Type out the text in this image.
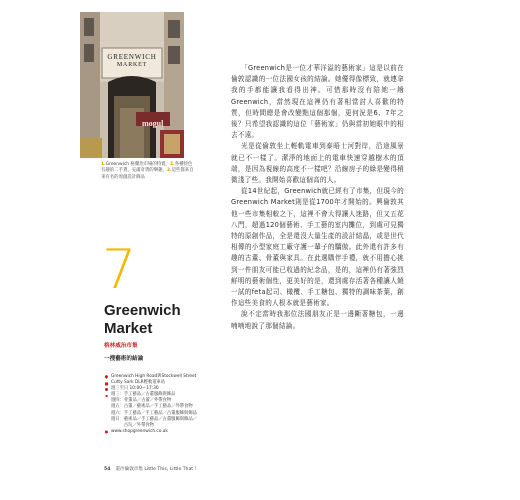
GREENWICH
MARKET
mogul
1.Greenwich 格蘭治市場的特賣，2.各種特色有趣的二手貨，充滿奇貨的樂趣，3.這些都來自來有名的原創設計飾品
7
Greenwich
Market
格林威治市集
一搜藝術的結論
Greenwich High Road與Stockwell Street
■ Cutty Sark DLR輕軌電車站
週三至日 10:00—17:30
▪ 週三：手工藝品／古董服飾與飾品
週四：骨董品／古董／外帶食物
週五：古董／藝術品／手工藝品／外帶食物
週六：手工藝品／手工藝品／古董服飾與飾品
週日：藝術品／手工藝品／古董服飾與飾品／
　　　古玩／外帶食物
● www.shopgreenwich.co.uk

「Greenwich是一位才華洋溢的藝術家」這是以前在倫敦認識的一位法國女孩的結論。她優得像標致，就連拿我的手都能讓我看得出神。可惜那時沒有陪她一趟Greenwich，當然現在這裡仍有著相當討人喜歡的特質，但時間總是會改變點這個那個，更何況是6、7年之後？只希望我認識的這位「藝術家」仍與當初她眼中的相去不遠。

光是從倫敦坐上輕軌電車到泰晤士河對岸，沿途風景就已不一樣了。潔淨的地面上的電車快速穿越樹木的頂端，是因為視線的高度不一樣吧？沿線房子的綠是變得稍微淺了些。我開始喜歡這個高的人。

從14世紀起，Greenwich就已經有了市集，但現今的Greenwich Market則是從1700年才開始的。興倫敦其他一些市集相較之下，這裡不會大得讓人迷路，但又五花八門，超過120個藝術、手工藝的室內攤位，到處可見獨特的原創作品，全是還沒大量生產的設計結晶，或是世代相傳的小型家庭工廠守護一輩子的驕傲。此外還有許多有趣的古董、骨董與家具。在此選購伴手禮，就不用擔心挑到一件朋友可能已收過的紀念品，是的，這裡仍有著強烈鮮明的藝術個性，更美好的是，還到處存活著各種讓人饒一試的feta起司、橄欖、手工糖包、獨特的調味茶葉，創作這些美食的人根本就是藝術家。

說不定當時我那位法國朋友正是一邊斷著糖包，一邊喃喃地說了那個結論。

54 還沙倫敦市集 Little This, Little That !
